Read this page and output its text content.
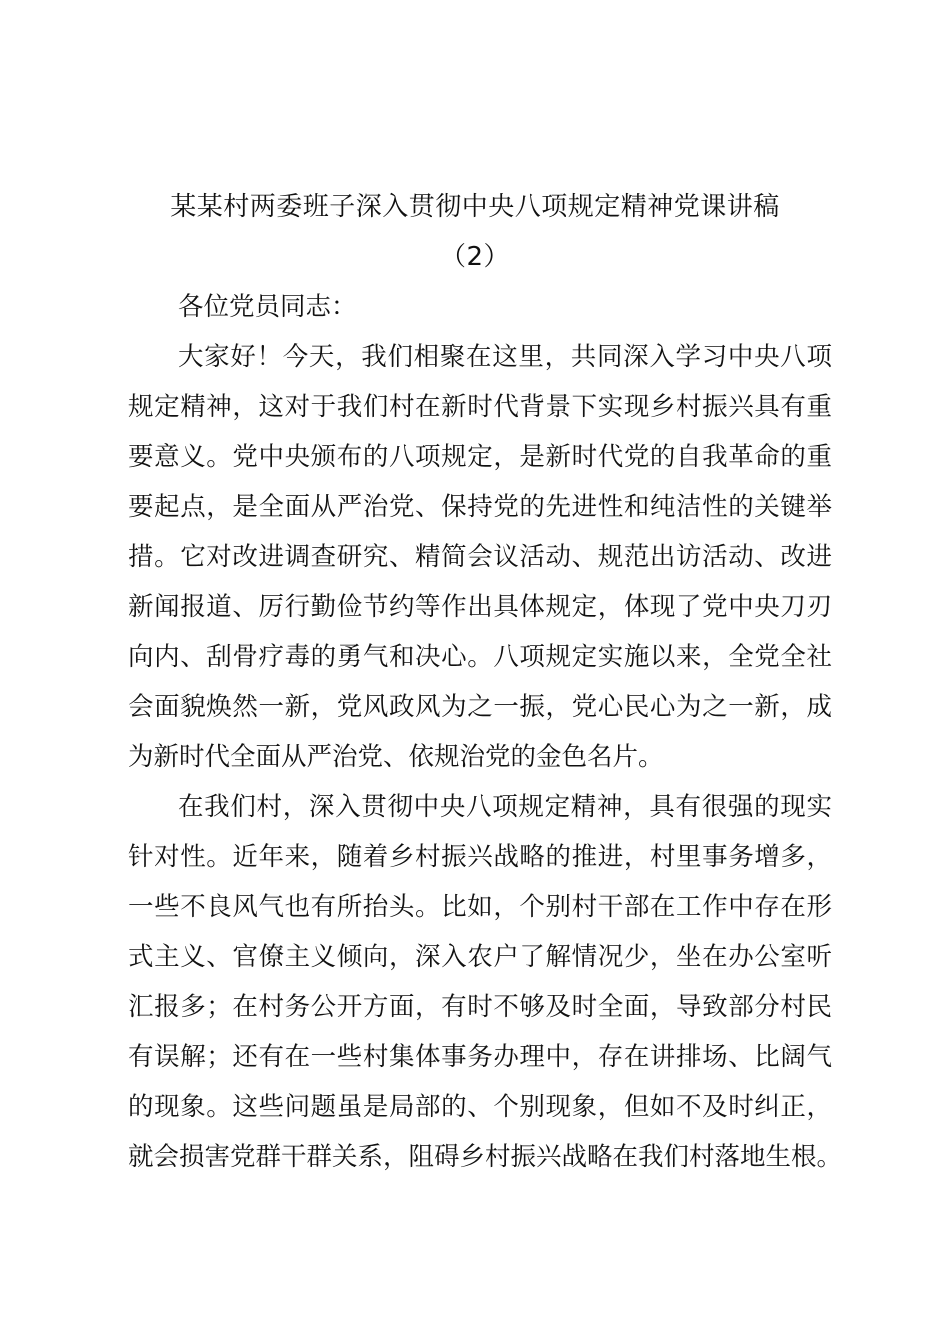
某某村两委班子深入贯彻中央八项规定精神党课讲稿
（2）
各位党员同志：
大家好！今天，我们相聚在这里，共同深入学习中央八项
规定精神，这对于我们村在新时代背景下实现乡村振兴具有重
要意义。党中央颁布的八项规定，是新时代党的自我革命的重
要起点，是全面从严治党、保持党的先进性和纯洁性的关键举
措。它对改进调查研究、精简会议活动、规范出访活动、改进
新闻报道、厉行勤俭节约等作出具体规定，体现了党中央刀刃
向内、刮骨疗毒的勇气和决心。八项规定实施以来，全党全社
会面貌焕然一新，党风政风为之一振，党心民心为之一新，成
为新时代全面从严治党、依规治党的金色名片。
在我们村，深入贯彻中央八项规定精神，具有很强的现实
针对性。近年来，随着乡村振兴战略的推进，村里事务增多，
一些不良风气也有所抬头。比如，个别村干部在工作中存在形
式主义、官僚主义倾向，深入农户了解情况少，坐在办公室听
汇报多；在村务公开方面，有时不够及时全面，导致部分村民
有误解；还有在一些村集体事务办理中，存在讲排场、比阔气
的现象。这些问题虽是局部的、个别现象，但如不及时纠正，
就会损害党群干群关系，阻碍乡村振兴战略在我们村落地生根。
